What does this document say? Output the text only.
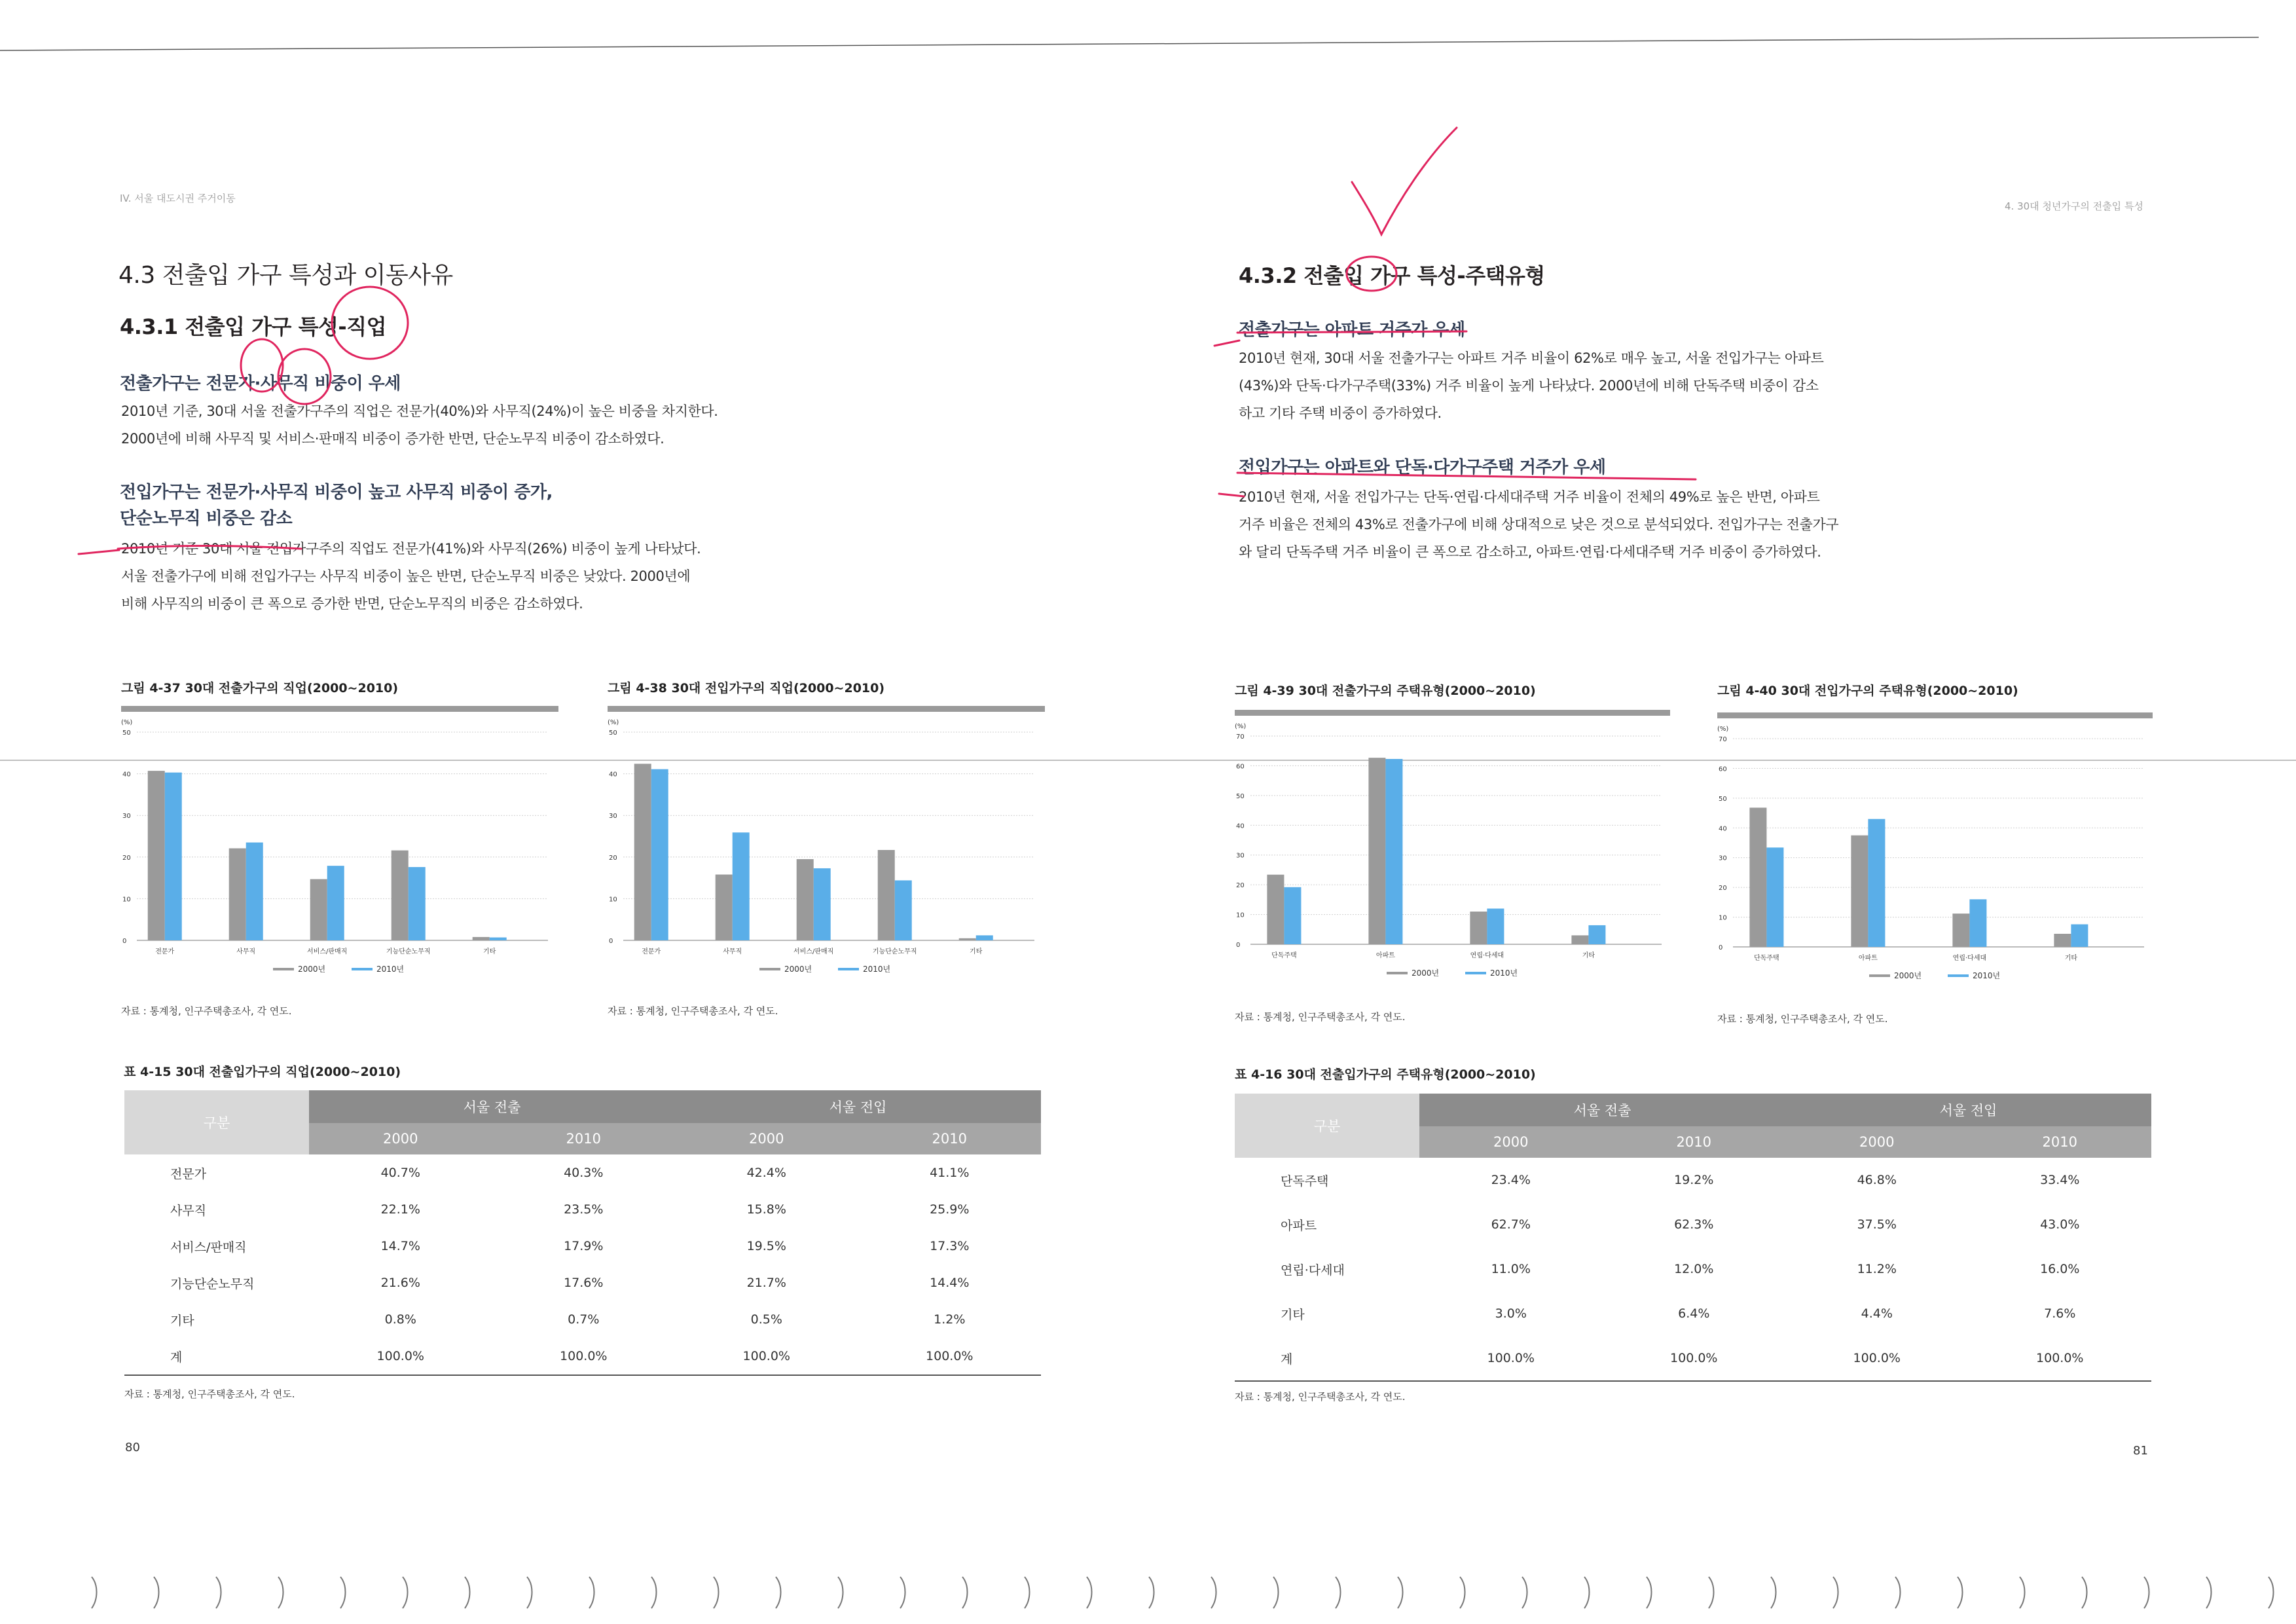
IV. 서울 대도시권 주거이동
4.3 전출입 가구 특성과 이동사유
4.3.1 전출입 가구 특성-직업
전출가구는 전문가·사무직 비중이 우세
2010년 기준, 30대 서울 전출가구주의 직업은 전문가(40%)와 사무직(24%)이 높은 비중을 차지한다.
2000년에 비해 사무직 및 서비스·판매직 비중이 증가한 반면, 단순노무직 비중이 감소하였다.
전입가구는 전문가·사무직 비중이 높고 사무직 비중이 증가,
단순노무직 비중은 감소
2010년 기준 30대 서울 전입가구주의 직업도 전문가(41%)와 사무직(26%) 비중이 높게 나타났다.
서울 전출가구에 비해 전입가구는 사무직 비중이 높은 반면, 단순노무직 비중은 낮았다. 2000년에
비해 사무직의 비중이 큰 폭으로 증가한 반면, 단순노무직의 비중은 감소하였다.
그림 4-37 30대 전출가구의 직업(2000~2010)
(%)
0
10
20
30
40
50
전문가	사무직	서비스/판매직	기능단순노무직	기타
2000년	2010년
자료 : 통계청, 인구주택총조사, 각 연도.
그림 4-38 30대 전입가구의 직업(2000~2010)
(%)
0
10
20
30
40
50
전문가	사무직	서비스/판매직	기능단순노무직	기타
2000년	2010년
자료 : 통계청, 인구주택총조사, 각 연도.
표 4-15 30대 전출입가구의 직업(2000~2010)
구분	서울 전출		서울 전입	
	2000	2010	2000	2010
전문가	40.7%	40.3%	42.4%	41.1%
사무직	22.1%	23.5%	15.8%	25.9%
서비스/판매직	14.7%	17.9%	19.5%	17.3%
기능단순노무직	21.6%	17.6%	21.7%	14.4%
기타	0.8%	0.7%	0.5%	1.2%
계	100.0%	100.0%	100.0%	100.0%
자료 : 통계청, 인구주택총조사, 각 연도.
80
4. 30대 청년가구의 전출입 특성
4.3.2 전출입 가구 특성-주택유형
전출가구는 아파트 거주가 우세
2010년 현재, 30대 서울 전출가구는 아파트 거주 비율이 62%로 매우 높고, 서울 전입가구는 아파트
(43%)와 단독·다가구주택(33%) 거주 비율이 높게 나타났다. 2000년에 비해 단독주택 비중이 감소
하고 기타 주택 비중이 증가하였다.
전입가구는 아파트와 단독·다가구주택 거주가 우세
2010년 현재, 서울 전입가구는 단독·연립·다세대주택 거주 비율이 전체의 49%로 높은 반면, 아파트
거주 비율은 전체의 43%로 전출가구에 비해 상대적으로 낮은 것으로 분석되었다. 전입가구는 전출가구
와 달리 단독주택 거주 비율이 큰 폭으로 감소하고, 아파트·연립·다세대주택 거주 비중이 증가하였다.
그림 4-39 30대 전출가구의 주택유형(2000~2010)
(%)
0
10
20
30
40
50
60
70
단독주택	아파트	연립·다세대	기타
2000년	2010년
자료 : 통계청, 인구주택총조사, 각 연도.
그림 4-40 30대 전입가구의 주택유형(2000~2010)
(%)
0
10
20
30
40
50
60
70
단독주택	아파트	연립·다세대	기타
2000년	2010년
자료 : 통계청, 인구주택총조사, 각 연도.
표 4-16 30대 전출입가구의 주택유형(2000~2010)
구분	서울 전출		서울 전입	
	2000	2010	2000	2010
단독주택	23.4%	19.2%	46.8%	33.4%
아파트	62.7%	62.3%	37.5%	43.0%
연립·다세대	11.0%	12.0%	11.2%	16.0%
기타	3.0%	6.4%	4.4%	7.6%
계	100.0%	100.0%	100.0%	100.0%
자료 : 통계청, 인구주택총조사, 각 연도.
81
